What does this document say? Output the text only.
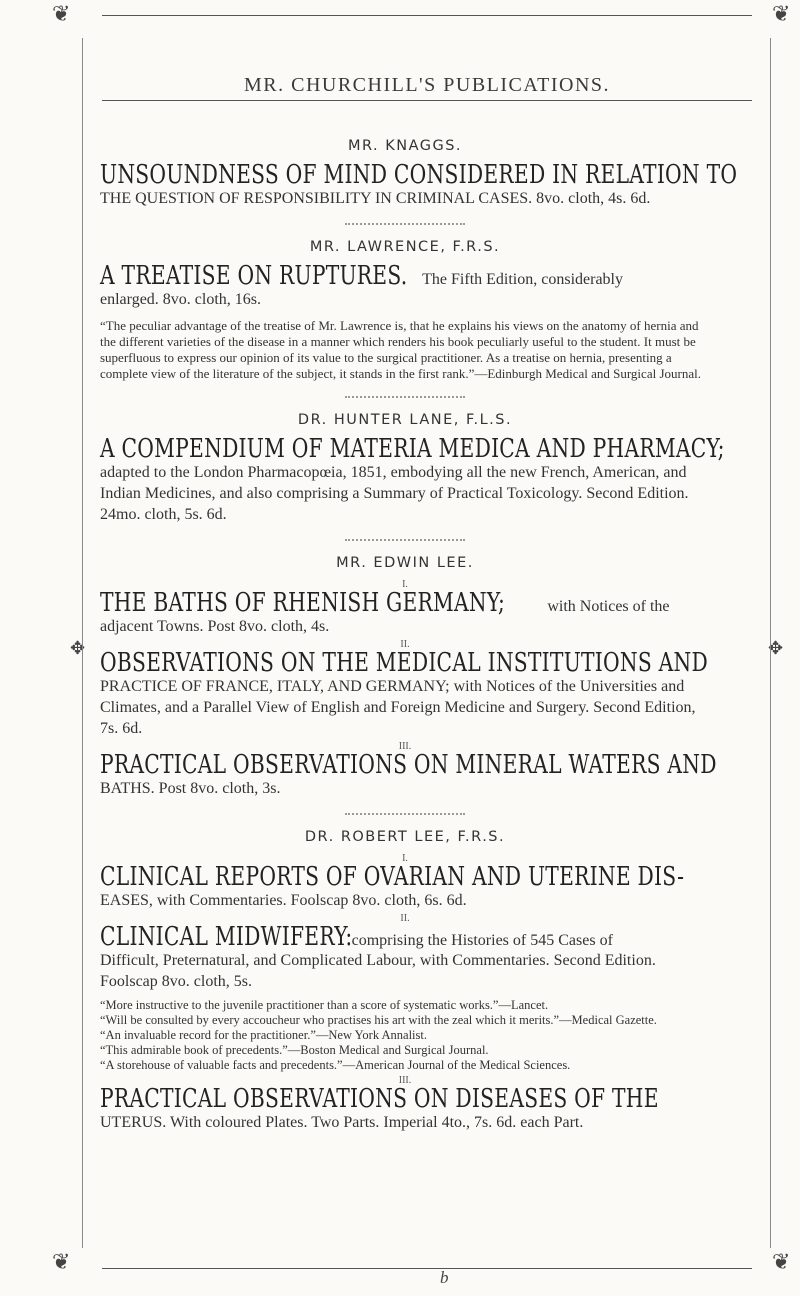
❦	❦
❦	❦
✥	✥
MR. CHURCHILL'S PUBLICATIONS.
MR. KNAGGS.
UNSOUNDNESS OF MIND CONSIDERED IN RELATION TO

THE QUESTION OF RESPONSIBILITY IN CRIMINAL CASES. 8vo. cloth, 4s. 6d.

MR. LAWRENCE, F.R.S.
A TREATISE ON RUPTURES. The Fifth Edition, considerably

enlarged. 8vo. cloth, 16s.

“The peculiar advantage of the treatise of Mr. Lawrence is, that he explains his views on the anatomy of hernia and the different varieties of the disease in a manner which renders his book peculiarly useful to the student. It must be superfluous to express our opinion of its value to the surgical practitioner. As a treatise on hernia, presenting a complete view of the literature of the subject, it stands in the first rank.”—Edinburgh Medical and Surgical Journal.

DR. HUNTER LANE, F.L.S.
A COMPENDIUM OF MATERIA MEDICA AND PHARMACY;

adapted to the London Pharmacopœia, 1851, embodying all the new French, American, and Indian Medicines, and also comprising a Summary of Practical Toxicology. Second Edition. 24mo. cloth, 5s. 6d.

MR. EDWIN LEE.
I.
THE BATHS OF RHENISH GERMANY;	with Notices of the

adjacent Towns. Post 8vo. cloth, 4s.

II.
OBSERVATIONS ON THE MEDICAL INSTITUTIONS AND

PRACTICE OF FRANCE, ITALY, AND GERMANY; with Notices of the Universities and Climates, and a Parallel View of English and Foreign Medicine and Surgery. Second Edition, 7s. 6d.

III.
PRACTICAL OBSERVATIONS ON MINERAL WATERS AND

BATHS. Post 8vo. cloth, 3s.

DR. ROBERT LEE, F.R.S.
I.
CLINICAL REPORTS OF OVARIAN AND UTERINE DIS-

EASES, with Commentaries. Foolscap 8vo. cloth, 6s. 6d.

II.
CLINICAL MIDWIFERY: comprising the Histories of 545 Cases of

Difficult, Preternatural, and Complicated Labour, with Commentaries. Second Edition. Foolscap 8vo. cloth, 5s.

“More instructive to the juvenile practitioner than a score of systematic works.”—Lancet.

“Will be consulted by every accoucheur who practises his art with the zeal which it merits.”—Medical Gazette.

“An invaluable record for the practitioner.”—New York Annalist.

“This admirable book of precedents.”—Boston Medical and Surgical Journal.

“A storehouse of valuable facts and precedents.”—American Journal of the Medical Sciences.

III.
PRACTICAL OBSERVATIONS ON DISEASES OF THE

UTERUS. With coloured Plates. Two Parts. Imperial 4to., 7s. 6d. each Part.

b
